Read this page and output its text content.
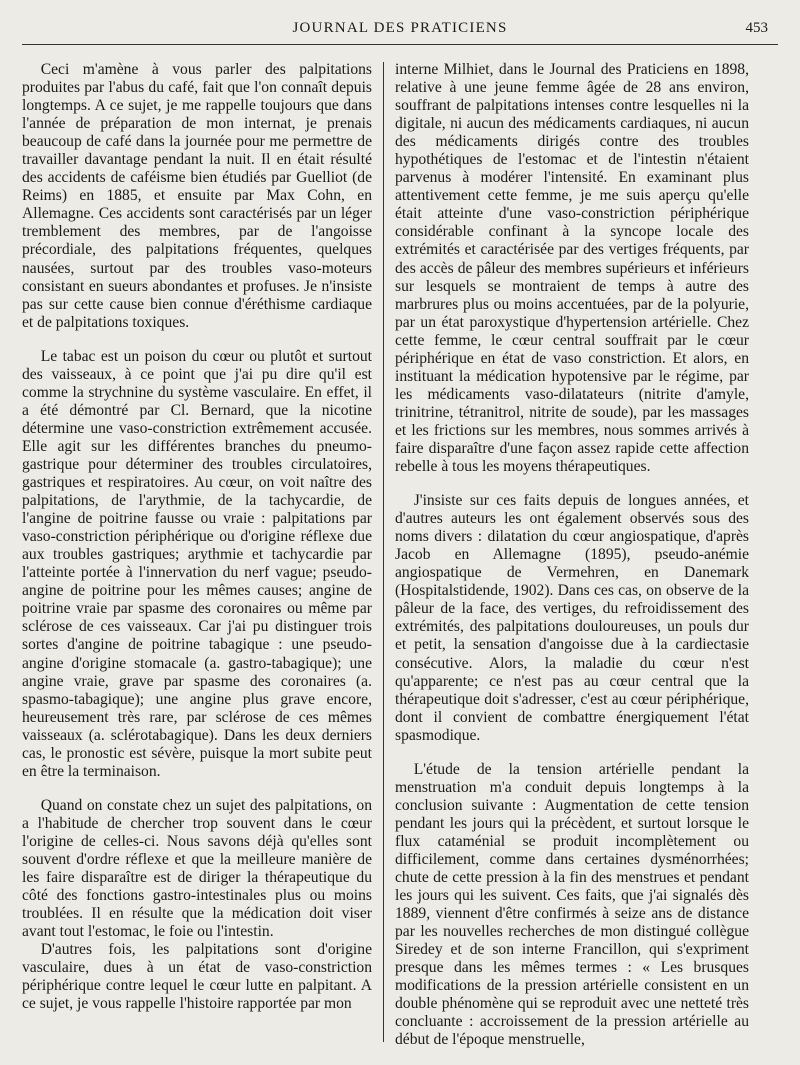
JOURNAL DES PRATICIENS	453

Ceci m'amène à vous parler des palpitations produites par l'abus du café, fait que l'on connaît depuis longtemps. A ce sujet, je me rappelle toujours que dans l'année de préparation de mon internat, je prenais beaucoup de café dans la journée pour me permettre de travailler davantage pendant la nuit. Il en était résulté des accidents de caféisme bien étudiés par Guelliot (de Reims) en 1885, et ensuite par Max Cohn, en Allemagne. Ces accidents sont caractérisés par un léger tremblement des membres, par de l'angoisse précordiale, des palpitations fréquentes, quelques nausées, surtout par des troubles vaso-moteurs consistant en sueurs abondantes et profuses. Je n'insiste pas sur cette cause bien connue d'éréthisme cardiaque et de palpitations toxiques.

Le tabac est un poison du cœur ou plutôt et surtout des vaisseaux, à ce point que j'ai pu dire qu'il est comme la strychnine du système vasculaire. En effet, il a été démontré par Cl. Bernard, que la nicotine détermine une vaso-constriction extrêmement accusée. Elle agit sur les différentes branches du pneumo-gastrique pour déterminer des troubles circulatoires, gastriques et respiratoires. Au cœur, on voit naître des palpitations, de l'arythmie, de la tachycardie, de l'angine de poitrine fausse ou vraie : palpitations par vaso-constriction périphérique ou d'origine réflexe due aux troubles gastriques; arythmie et tachycardie par l'atteinte portée à l'innervation du nerf vague; pseudo-angine de poitrine pour les mêmes causes; angine de poitrine vraie par spasme des coronaires ou même par sclérose de ces vaisseaux. Car j'ai pu distinguer trois sortes d'angine de poitrine tabagique : une pseudo-angine d'origine stomacale (a. gastro-tabagique); une angine vraie, grave par spasme des coronaires (a. spasmo-tabagique); une angine plus grave encore, heureusement très rare, par sclérose de ces mêmes vaisseaux (a. sclérotabagique). Dans les deux derniers cas, le pronostic est sévère, puisque la mort subite peut en être la terminaison.

Quand on constate chez un sujet des palpitations, on a l'habitude de chercher trop souvent dans le cœur l'origine de celles-ci. Nous savons déjà qu'elles sont souvent d'ordre réflexe et que la meilleure manière de les faire disparaître est de diriger la thérapeutique du côté des fonctions gastro-intestinales plus ou moins troublées. Il en résulte que la médication doit viser avant tout l'estomac, le foie ou l'intestin.

D'autres fois, les palpitations sont d'origine vasculaire, dues à un état de vaso-constriction périphérique contre lequel le cœur lutte en palpitant. A ce sujet, je vous rappelle l'histoire rapportée par mon

interne Milhiet, dans le Journal des Praticiens en 1898, relative à une jeune femme âgée de 28 ans environ, souffrant de palpitations intenses contre lesquelles ni la digitale, ni aucun des médicaments cardiaques, ni aucun des médicaments dirigés contre des troubles hypothétiques de l'estomac et de l'intestin n'étaient parvenus à modérer l'intensité. En examinant plus attentivement cette femme, je me suis aperçu qu'elle était atteinte d'une vaso-constriction périphérique considérable confinant à la syncope locale des extrémités et caractérisée par des vertiges fréquents, par des accès de pâleur des membres supérieurs et inférieurs sur lesquels se montraient de temps à autre des marbrures plus ou moins accentuées, par de la polyurie, par un état paroxystique d'hypertension artérielle. Chez cette femme, le cœur central souffrait par le cœur périphérique en état de vaso constriction. Et alors, en instituant la médication hypotensive par le régime, par les médicaments vaso-dilatateurs (nitrite d'amyle, trinitrine, tétranitrol, nitrite de soude), par les massages et les frictions sur les membres, nous sommes arrivés à faire disparaître d'une façon assez rapide cette affection rebelle à tous les moyens thérapeutiques.

J'insiste sur ces faits depuis de longues années, et d'autres auteurs les ont également observés sous des noms divers : dilatation du cœur angiospatique, d'après Jacob en Allemagne (1895), pseudo-anémie angiospatique de Vermehren, en Danemark (Hospitalstidende, 1902). Dans ces cas, on observe de la pâleur de la face, des vertiges, du refroidissement des extrémités, des palpitations douloureuses, un pouls dur et petit, la sensation d'angoisse due à la cardiectasie consécutive. Alors, la maladie du cœur n'est qu'apparente; ce n'est pas au cœur central que la thérapeutique doit s'adresser, c'est au cœur périphérique, dont il convient de combattre énergiquement l'état spasmodique.

L'étude de la tension artérielle pendant la menstruation m'a conduit depuis longtemps à la conclusion suivante : Augmentation de cette tension pendant les jours qui la précèdent, et surtout lorsque le flux cataménial se produit incomplètement ou difficilement, comme dans certaines dysménorrhées; chute de cette pression à la fin des menstrues et pendant les jours qui les suivent. Ces faits, que j'ai signalés dès 1889, viennent d'être confirmés à seize ans de distance par les nouvelles recherches de mon distingué collègue Siredey et de son interne Francillon, qui s'expriment presque dans les mêmes termes : « Les brusques modifications de la pression artérielle consistent en un double phénomène qui se reproduit avec une netteté très concluante : accroissement de la pression artérielle au début de l'époque menstruelle,
